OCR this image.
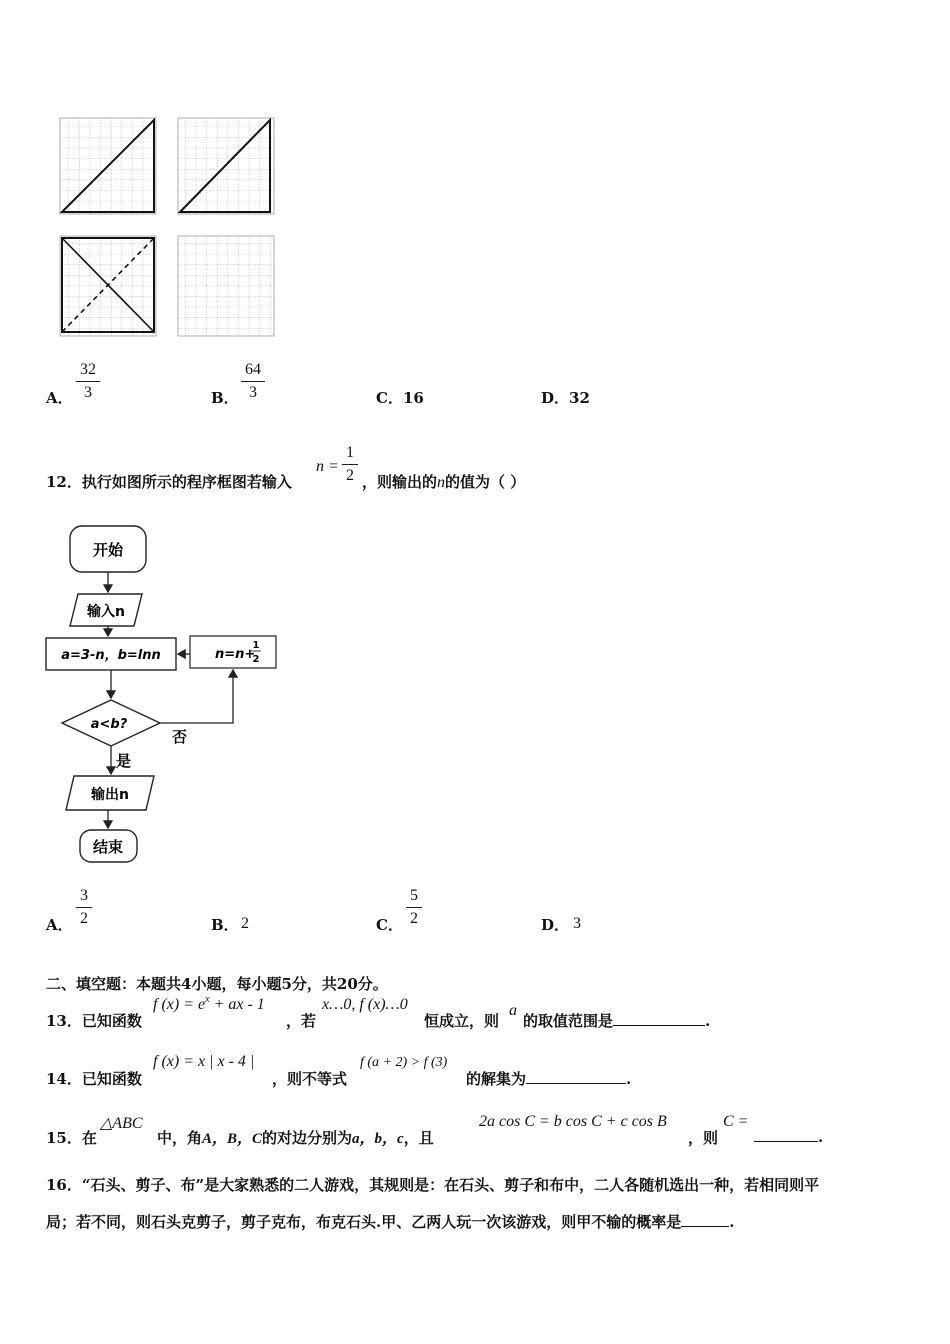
A．
32
3	B．
64
3	C．16	D．32
12．执行如图所示的程序框图若输入
n =
1
2 ，则输出的n的值为（ ）
开始
输入n
a=3-n，b=lnn	n=n+
1
2
a<b?
否
是
输出n
结束
A．
3
2	B． 2	C．
5
2	D． 3
二、填空题：本题共4小题，每小题5分，共20分。
13．已知函数
f $(x) = e^x$ + ax - 1
，若
x…0, f (x)…0
恒成立，则
a
的取值范围是	.
14．已知函数
f (x) = x | x - 4 |
，则不等式
f (a + 2) > f (3)
的解集为	.
15．在
△ABC
中，角A，B，C的对边分别为a，b，c，且
2a cos C = b cos C + c cos B
，则
C =
.
16．“石头、剪子、布”是大家熟悉的二人游戏，其规则是：在石头、剪子和布中，二人各随机选出一种，若相同则平
局；若不同，则石头克剪子，剪子克布，布克石头.甲、乙两人玩一次该游戏，则甲不输的概率是	.
